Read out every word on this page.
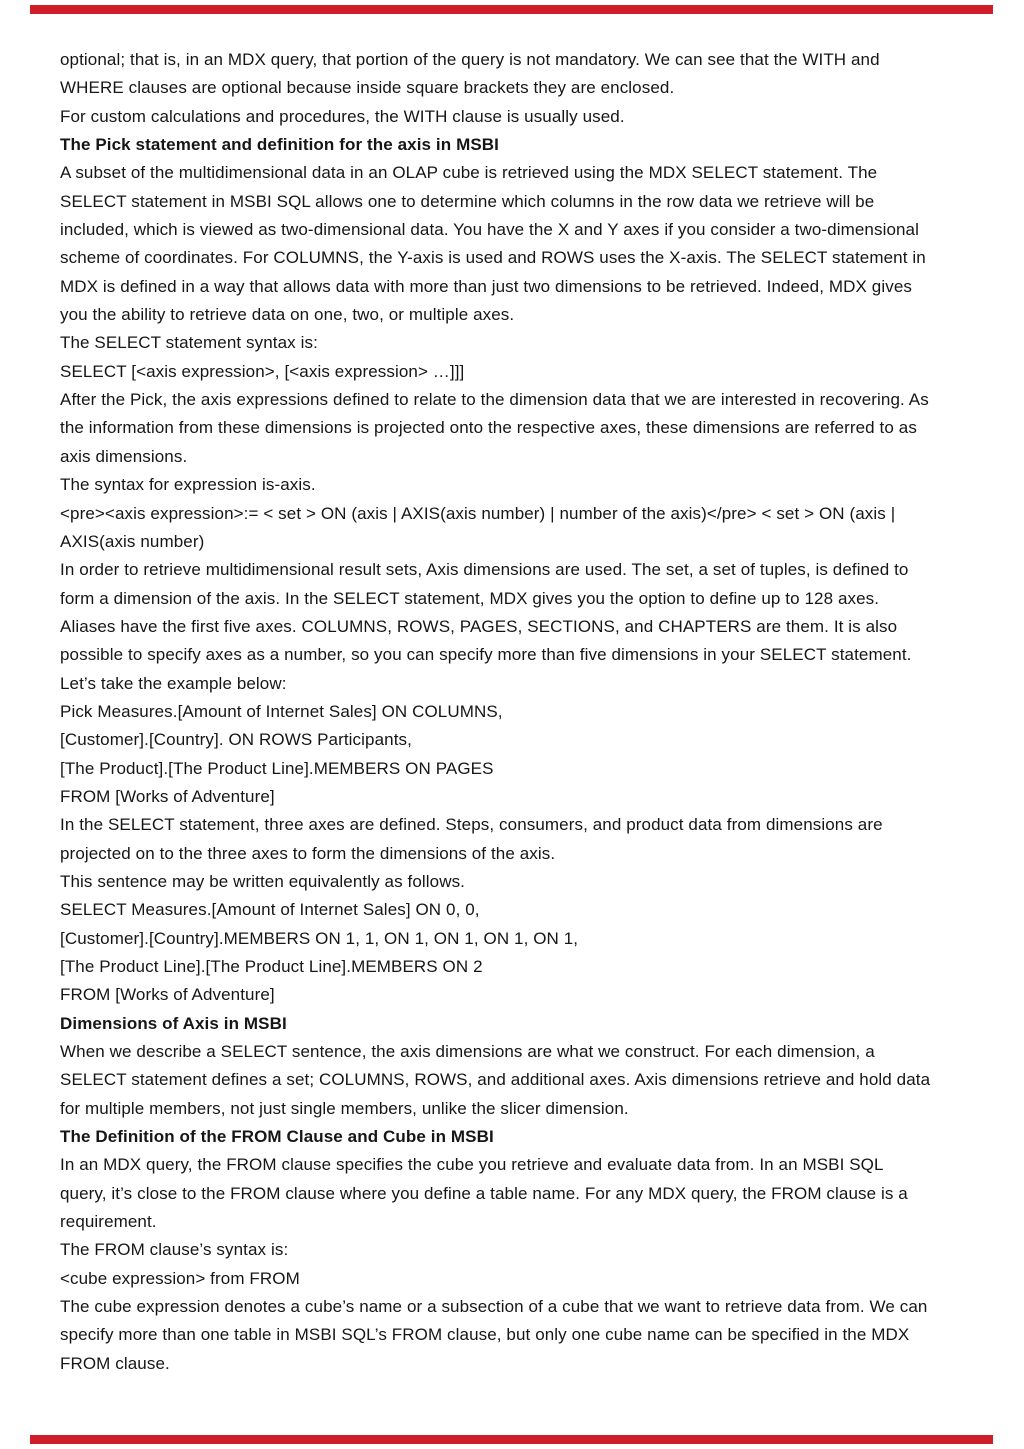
optional; that is, in an MDX query, that portion of the query is not mandatory. We can see that the WITH and
WHERE clauses are optional because inside square brackets they are enclosed.
For custom calculations and procedures, the WITH clause is usually used.
The Pick statement and definition for the axis in MSBI
A subset of the multidimensional data in an OLAP cube is retrieved using the MDX SELECT statement. The
SELECT statement in MSBI SQL allows one to determine which columns in the row data we retrieve will be
included, which is viewed as two-dimensional data. You have the X and Y axes if you consider a two-dimensional
scheme of coordinates. For COLUMNS, the Y-axis is used and ROWS uses the X-axis. The SELECT statement in
MDX is defined in a way that allows data with more than just two dimensions to be retrieved. Indeed, MDX gives
you the ability to retrieve data on one, two, or multiple axes.
The SELECT statement syntax is:
SELECT [<axis expression>, [<axis expression> …]]]
After the Pick, the axis expressions defined to relate to the dimension data that we are interested in recovering. As
the information from these dimensions is projected onto the respective axes, these dimensions are referred to as
axis dimensions.
The syntax for expression is-axis.
<pre><axis expression>:= < set > ON (axis | AXIS(axis number) | number of the axis)</pre> < set > ON (axis |
AXIS(axis number)
In order to retrieve multidimensional result sets, Axis dimensions are used. The set, a set of tuples, is defined to
form a dimension of the axis. In the SELECT statement, MDX gives you the option to define up to 128 axes.
Aliases have the first five axes. COLUMNS, ROWS, PAGES, SECTIONS, and CHAPTERS are them. It is also
possible to specify axes as a number, so you can specify more than five dimensions in your SELECT statement.
Let’s take the example below:
Pick Measures.[Amount of Internet Sales] ON COLUMNS,
[Customer].[Country]. ON ROWS Participants,
[The Product].[The Product Line].MEMBERS ON PAGES
FROM [Works of Adventure]
In the SELECT statement, three axes are defined. Steps, consumers, and product data from dimensions are
projected on to the three axes to form the dimensions of the axis.
This sentence may be written equivalently as follows.
SELECT Measures.[Amount of Internet Sales] ON 0, 0,
[Customer].[Country].MEMBERS ON 1, 1, ON 1, ON 1, ON 1, ON 1,
[The Product Line].[The Product Line].MEMBERS ON 2
FROM [Works of Adventure]
Dimensions of Axis in MSBI
When we describe a SELECT sentence, the axis dimensions are what we construct. For each dimension, a
SELECT statement defines a set; COLUMNS, ROWS, and additional axes. Axis dimensions retrieve and hold data
for multiple members, not just single members, unlike the slicer dimension.
The Definition of the FROM Clause and Cube in MSBI
In an MDX query, the FROM clause specifies the cube you retrieve and evaluate data from. In an MSBI SQL
query, it’s close to the FROM clause where you define a table name. For any MDX query, the FROM clause is a
requirement.
The FROM clause’s syntax is:
<cube expression> from FROM
The cube expression denotes a cube’s name or a subsection of a cube that we want to retrieve data from. We can
specify more than one table in MSBI SQL’s FROM clause, but only one cube name can be specified in the MDX
FROM clause.
